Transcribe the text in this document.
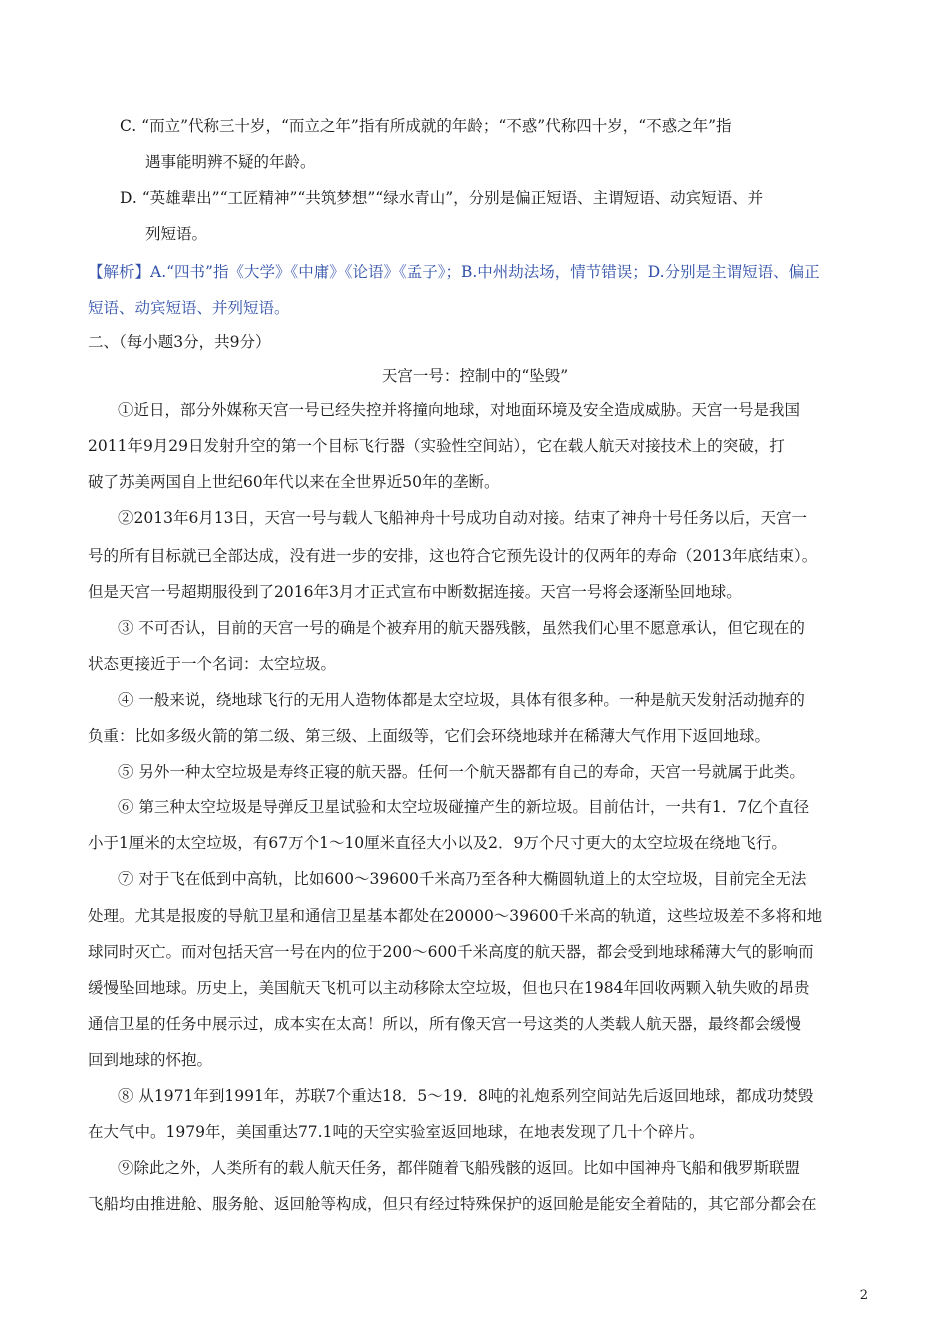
C. “而立”代称三十岁，“而立之年”指有所成就的年龄；“不惑”代称四十岁，“不惑之年”指
遇事能明辨不疑的年龄。
D. “英雄辈出”“工匠精神”“共筑梦想”“绿水青山”，分别是偏正短语、主谓短语、动宾短语、并
列短语。
【解析】A.“四书”指《大学》《中庸》《论语》《孟子》；B.中州劫法场，情节错误；D.分别是主谓短语、偏正
短语、动宾短语、并列短语。
二、（每小题3分，共9分）
天宫一号：控制中的“坠毁”
①近日，部分外媒称天宫一号已经失控并将撞向地球，对地面环境及安全造成威胁。天宫一号是我国
2011年9月29日发射升空的第一个目标飞行器（实验性空间站），它在载人航天对接技术上的突破，打
破了苏美两国自上世纪60年代以来在全世界近50年的垄断。
②2013年6月13日，天宫一号与载人飞船神舟十号成功自动对接。结束了神舟十号任务以后，天宫一
号的所有目标就已全部达成，没有进一步的安排，这也符合它预先设计的仅两年的寿命（2013年底结束）。
但是天宫一号超期服役到了2016年3月才正式宣布中断数据连接。天宫一号将会逐渐坠回地球。
③ 不可否认，目前的天宫一号的确是个被弃用的航天器残骸，虽然我们心里不愿意承认，但它现在的
状态更接近于一个名词：太空垃圾。
④ 一般来说，绕地球飞行的无用人造物体都是太空垃圾，具体有很多种。一种是航天发射活动抛弃的
负重：比如多级火箭的第二级、第三级、上面级等，它们会环绕地球并在稀薄大气作用下返回地球。
⑤ 另外一种太空垃圾是寿终正寝的航天器。任何一个航天器都有自己的寿命，天宫一号就属于此类。
⑥ 第三种太空垃圾是导弹反卫星试验和太空垃圾碰撞产生的新垃圾。目前估计，一共有1．7亿个直径
小于1厘米的太空垃圾，有67万个1～10厘米直径大小以及2．9万个尺寸更大的太空垃圾在绕地飞行。
⑦ 对于飞在低到中高轨，比如600～39600千米高乃至各种大椭圆轨道上的太空垃圾，目前完全无法
处理。尤其是报废的导航卫星和通信卫星基本都处在20000～39600千米高的轨道，这些垃圾差不多将和地
球同时灭亡。而对包括天宫一号在内的位于200～600千米高度的航天器，都会受到地球稀薄大气的影响而
缓慢坠回地球。历史上，美国航天飞机可以主动移除太空垃圾，但也只在1984年回收两颗入轨失败的昂贵
通信卫星的任务中展示过，成本实在太高！所以，所有像天宫一号这类的人类载人航天器，最终都会缓慢
回到地球的怀抱。
⑧ 从1971年到1991年，苏联7个重达18．5～19．8吨的礼炮系列空间站先后返回地球，都成功焚毁
在大气中。1979年，美国重达77.1吨的天空实验室返回地球，在地表发现了几十个碎片。
⑨除此之外，人类所有的载人航天任务，都伴随着飞船残骸的返回。比如中国神舟飞船和俄罗斯联盟
飞船均由推进舱、服务舱、返回舱等构成，但只有经过特殊保护的返回舱是能安全着陆的，其它部分都会在
2
